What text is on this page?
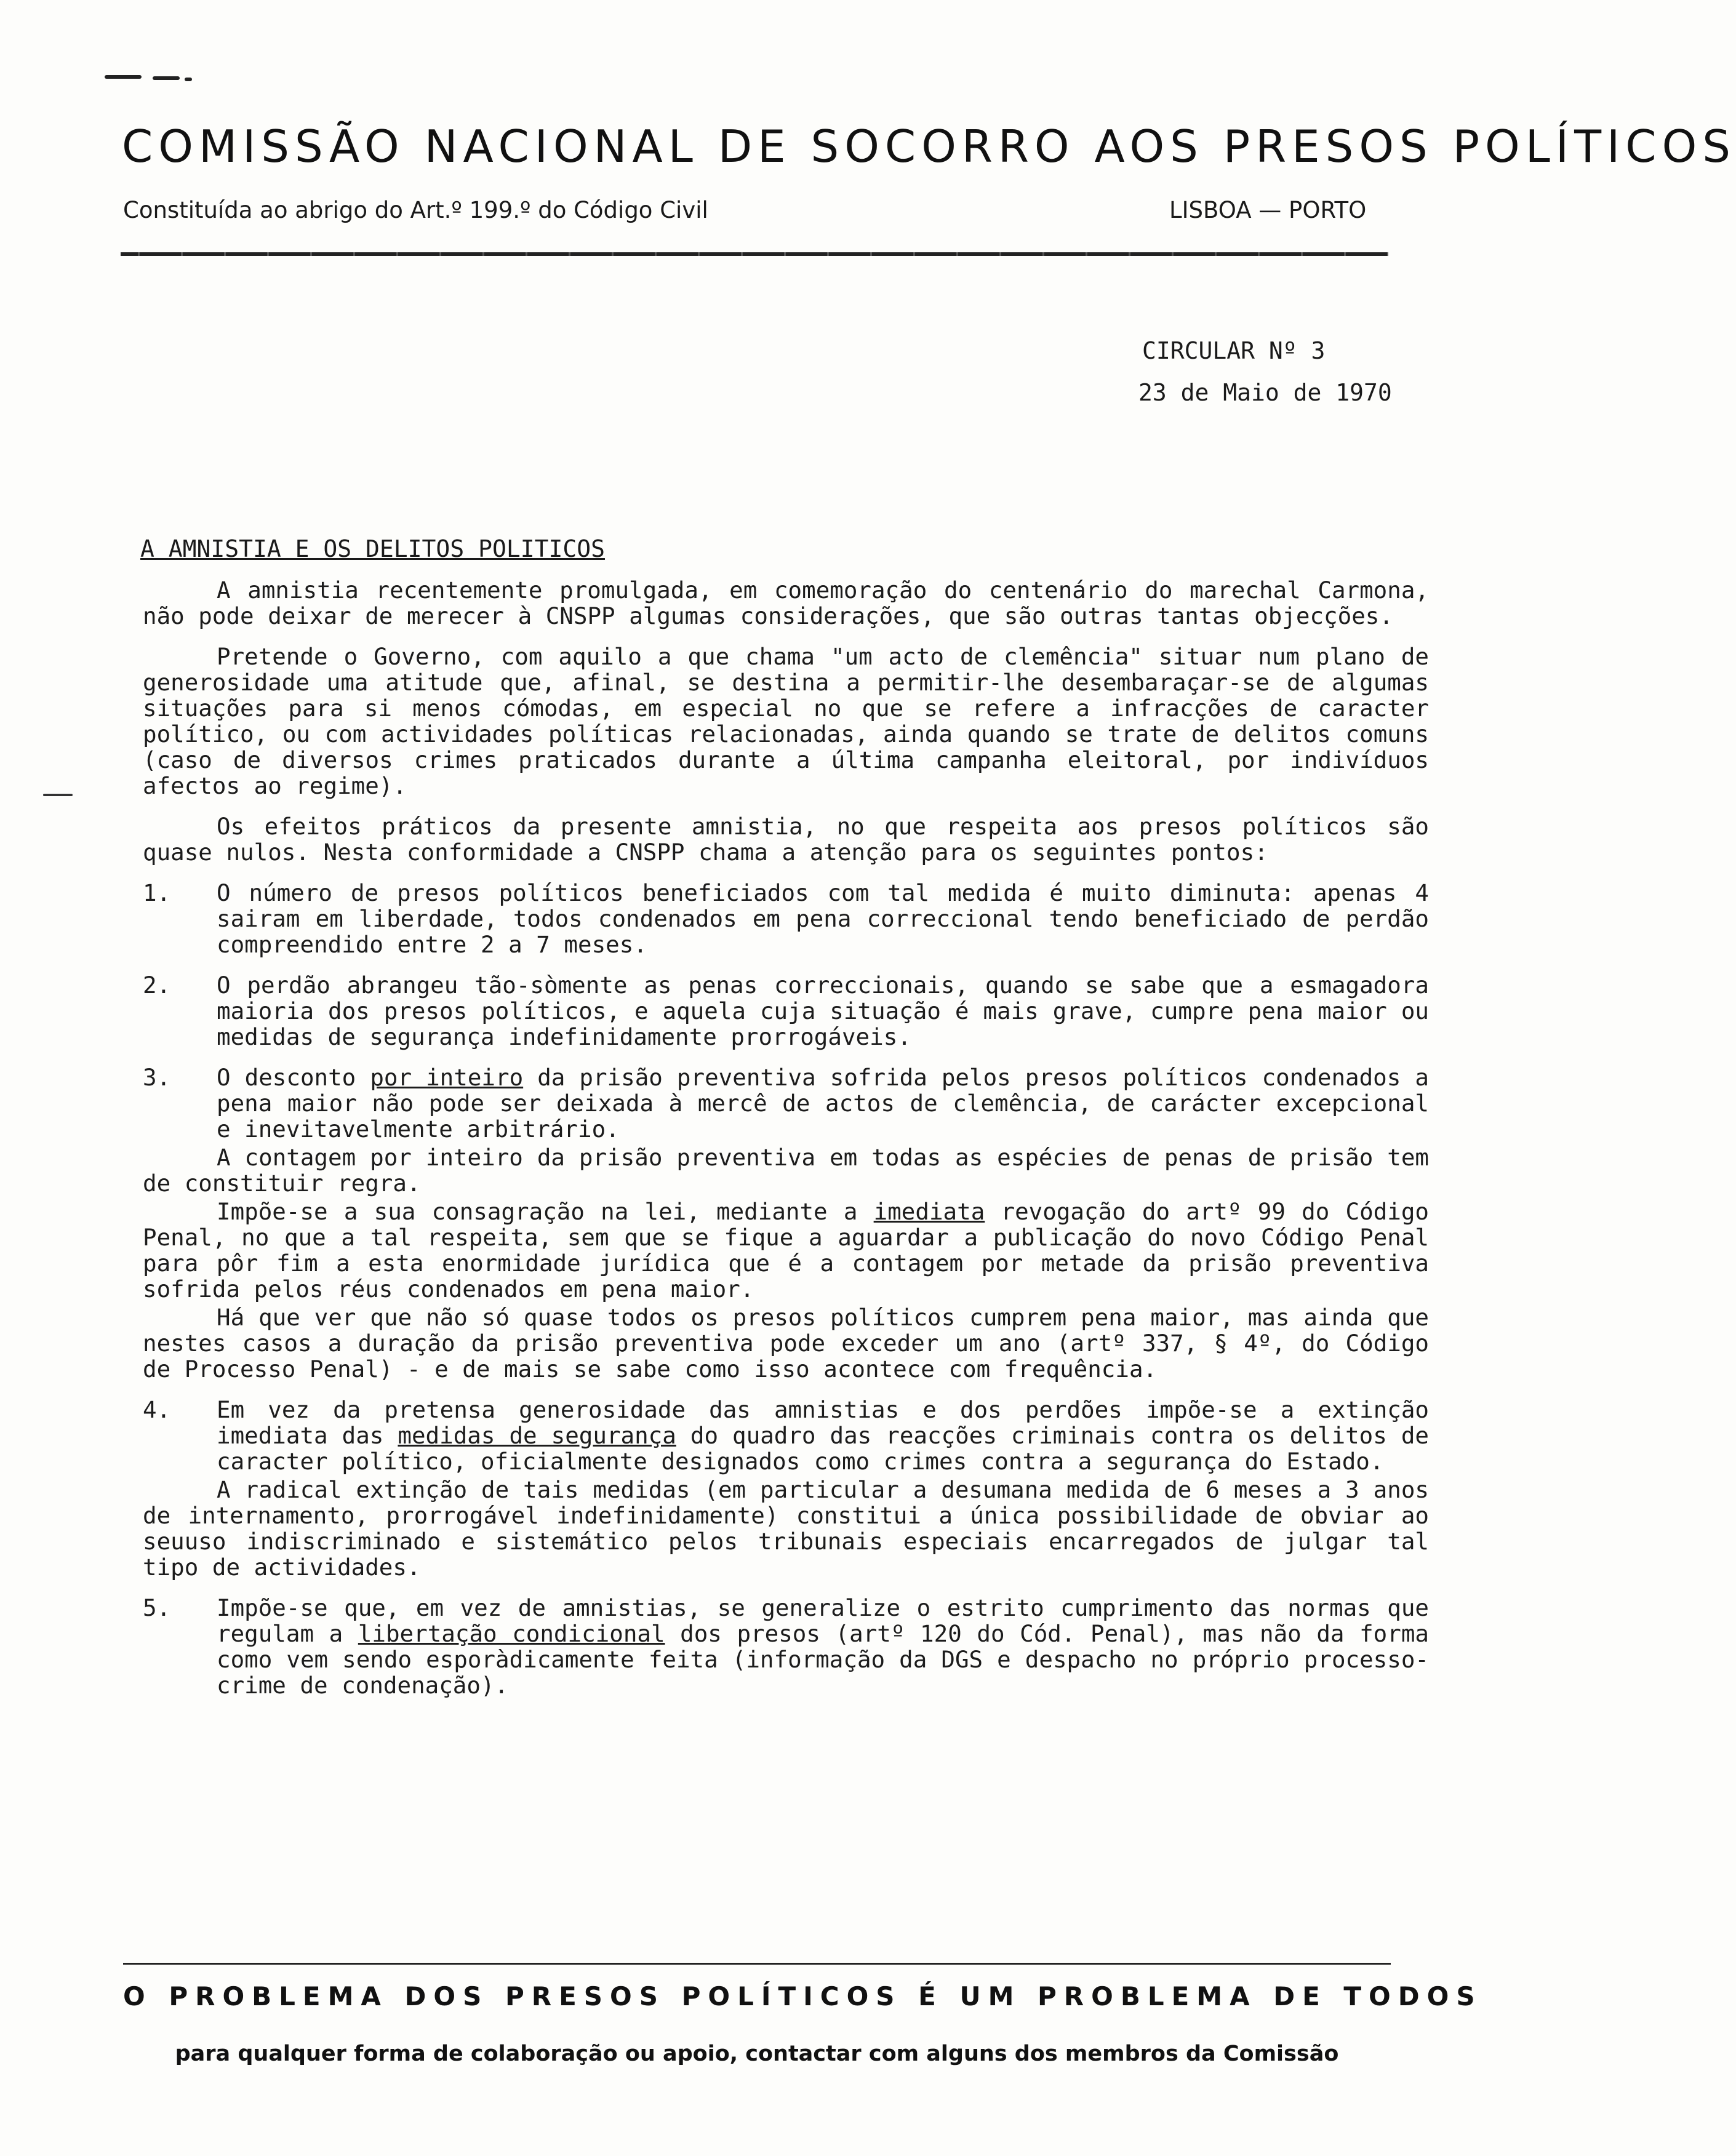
COMISSÃO NACIONAL DE SOCORRO AOS PRESOS POLÍTICOS
Constituída ao abrigo do Art.º 199.º do Código Civil	LISBOA — PORTO
CIRCULAR Nº 3
23 de Maio de 1970
A AMNISTIA E OS DELITOS POLITICOS

A amnistia recentemente promulgada, em comemoração do centenário do marechal Carmona, não pode deixar de merecer à CNSPP algumas considerações, que são outras tantas objecções.

Pretende o Governo, com aquilo a que chama "um acto de clemência" situar num plano de generosidade uma atitude que, afinal, se destina a permitir-lhe desembaraçar-se de algumas situações para si menos cómodas, em especial no que se refere a infracções de caracter político, ou com actividades políticas relacionadas, ainda quando se trate de delitos comuns (caso de diversos crimes praticados durante a última campanha eleitoral, por indivíduos afectos ao regime).

Os efeitos práticos da presente amnistia, no que respeita aos presos políticos são quase nulos. Nesta conformidade a CNSPP chama a atenção para os seguintes pontos:

1.	O número de presos políticos beneficiados com tal medida é muito diminuta: apenas 4 sairam em liberdade, todos condenados em pena correccional tendo beneficiado de perdão compreendido entre 2 a 7 meses.

2.	O perdão abrangeu tão-sòmente as penas correccionais, quando se sabe que a esmagadora maioria dos presos políticos, e aquela cuja situação é mais grave, cumpre pena maior ou medidas de segurança indefinidamente prorrogáveis.

3.	O desconto por inteiro da prisão preventiva sofrida pelos presos políticos condenados a pena maior não pode ser deixada à mercê de actos de clemência, de carácter excepcional e inevitavelmente arbitrário.

A contagem por inteiro da prisão preventiva em todas as espécies de penas de prisão tem de constituir regra.

Impõe-se a sua consagração na lei, mediante a imediata revogação do artº 99 do Código Penal, no que a tal respeita, sem que se fique a aguardar a publicação do novo Código Penal para pôr fim a esta enormidade jurídica que é a contagem por metade da prisão preventiva sofrida pelos réus condenados em pena maior.

Há que ver que não só quase todos os presos políticos cumprem pena maior, mas ainda que nestes casos a duração da prisão preventiva pode exceder um ano (artº 337, § 4º, do Código de Processo Penal) - e de mais se sabe como isso acontece com frequência.

4.	Em vez da pretensa generosidade das amnistias e dos perdões impõe-se a extinção imediata das medidas de segurança do quadro das reacções criminais contra os delitos de caracter político, oficialmente designados como crimes contra a segurança do Estado.

A radical extinção de tais medidas (em particular a desumana medida de 6 meses a 3 anos de internamento, prorrogável indefinidamente) constitui a única possibilidade de obviar ao seuuso indiscriminado e sistemático pelos tribunais especiais encarregados de julgar tal tipo de actividades.

5.	Impõe-se que, em vez de amnistias, se generalize o estrito cumprimento das normas que regulam a libertação condicional dos presos (artº 120 do Cód. Penal), mas não da forma como vem sendo esporàdicamente feita (informação da DGS e despacho no próprio processo-crime de condenação).

O PROBLEMA DOS PRESOS POLÍTICOS É UM PROBLEMA DE TODOS
para qualquer forma de colaboração ou apoio, contactar com alguns dos membros da Comissão
